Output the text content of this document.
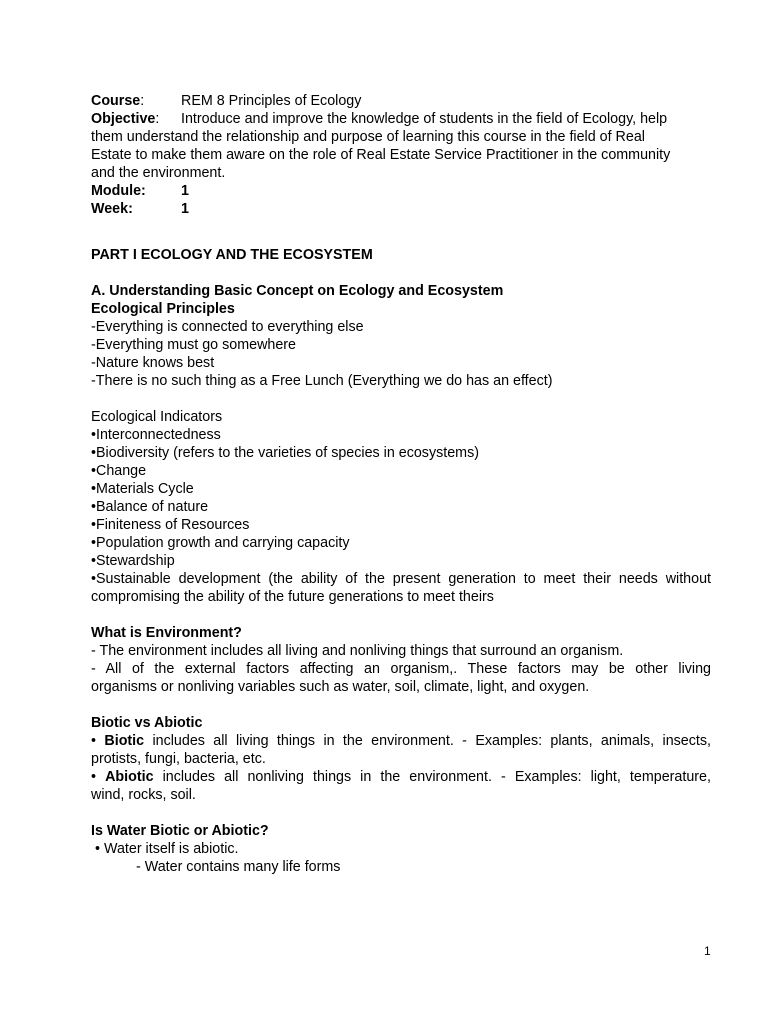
Course:	REM 8 Principles of Ecology
Objective: Introduce and improve the knowledge of students in the field of Ecology, help
them understand the relationship and purpose of learning this course in the field of Real
Estate to make them aware on the role of Real Estate Service Practitioner in the community
and the environment.
Module: 1
Week:	1
PART I ECOLOGY AND THE ECOSYSTEM
A. Understanding Basic Concept on Ecology and Ecosystem
Ecological Principles
-Everything is connected to everything else
-Everything must go somewhere
-Nature knows best
-There is no such thing as a Free Lunch (Everything we do has an effect)
Ecological Indicators
•Interconnectedness
•Biodiversity (refers to the varieties of species in ecosystems)
•Change
•Materials Cycle
•Balance of nature
•Finiteness of Resources
•Population growth and carrying capacity
•Stewardship
•Sustainable development (the ability of the present generation to meet their needs without
compromising the ability of the future generations to meet theirs
What is Environment?
- The environment includes all living and nonliving things that surround an organism.
- All of the external factors affecting an organism,. These factors may be other living
organisms or nonliving variables such as water, soil, climate, light, and oxygen.
Biotic vs Abiotic
• Biotic includes all living things in the environment. - Examples: plants, animals, insects,
protists, fungi, bacteria, etc.
• Abiotic includes all nonliving things in the environment. - Examples: light, temperature,
wind, rocks, soil.
Is Water Biotic or Abiotic?
• Water itself is abiotic.
- Water contains many life forms
1
